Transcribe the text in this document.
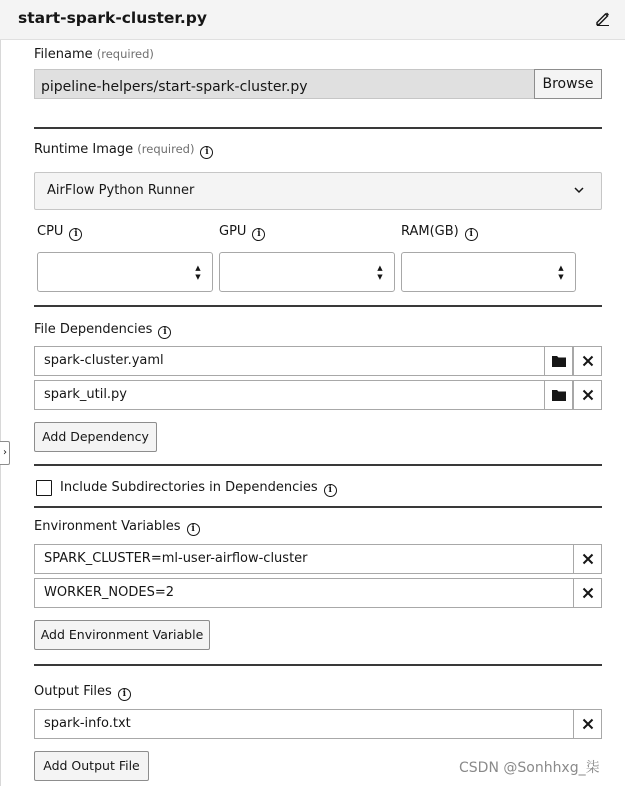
start-spark-cluster.py
›
Filename (required)
pipeline-helpers/start-spark-cluster.py	Browse
Runtime Image (required) i
AirFlow Python Runner
CPU i	GPU i	RAM(GB) i
▲
▼
▲
▼
▲
▼
File Dependencies i
spark-cluster.yaml
spark_util.py
Add Dependency
Include Subdirectories in Dependencies i
Environment Variables i
SPARK_CLUSTER=ml-user-airflow-cluster
WORKER_NODES=2
Add Environment Variable
Output Files i
spark-info.txt
Add Output File	CSDN @Sonhhxg_柒
